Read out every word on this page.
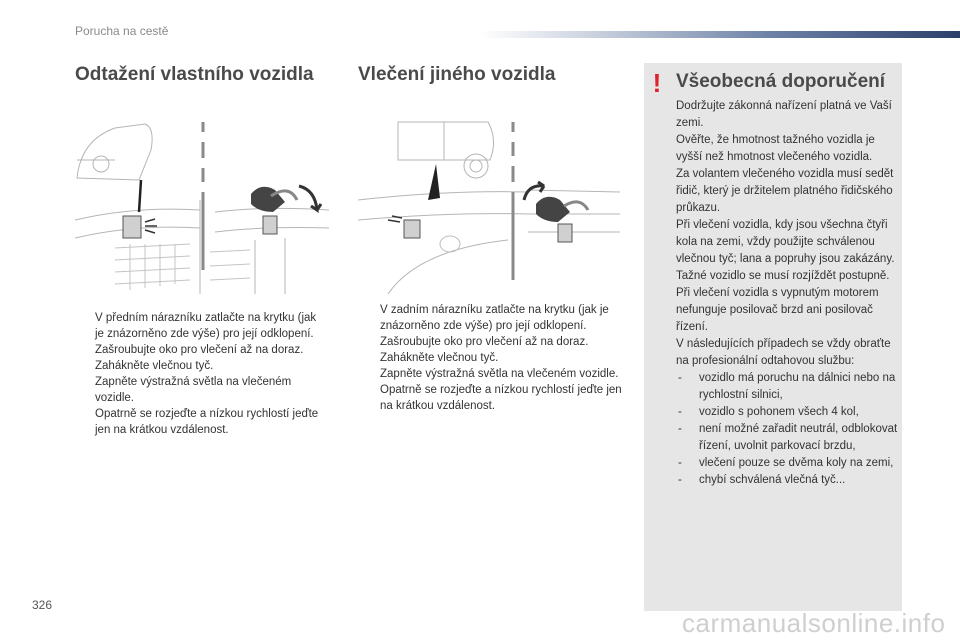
Porucha na cestě
Odtažení vlastního vozidla
V předním nárazníku zatlačte na krytku (jak je znázorněno zde výše) pro její odklopení.
Zašroubujte oko pro vlečení až na doraz.
Zahákněte vlečnou tyč.
Zapněte výstražná světla na vlečeném vozidle.
Opatrně se rozjeďte a nízkou rychlostí jeďte jen na krátkou vzdálenost.
Vlečení jiného vozidla
V zadním nárazníku zatlačte na krytku (jak je znázorněno zde výše) pro její odklopení.
Zašroubujte oko pro vlečení až na doraz.
Zahákněte vlečnou tyč.
Zapněte výstražná světla na vlečeném vozidle.
Opatrně se rozjeďte a nízkou rychlostí jeďte jen na krátkou vzdálenost.
! Všeobecná doporučení

Dodržujte zákonná nařízení platná ve Vaší zemi.

Ověřte, že hmotnost tažného vozidla je vyšší než hmotnost vlečeného vozidla.

Za volantem vlečeného vozidla musí sedět řidič, který je držitelem platného řidičského průkazu.

Při vlečení vozidla, kdy jsou všechna čtyři kola na zemi, vždy použijte schválenou vlečnou tyč; lana a popruhy jsou zakázány.

Tažné vozidlo se musí rozjíždět postupně.

Při vlečení vozidla s vypnutým motorem nefunguje posilovač brzd ani posilovač řízení.

V následujících případech se vždy obraťte na profesionální odtahovou službu:

- vozidlo má poruchu na dálnici nebo na rychlostní silnici,
- vozidlo s pohonem všech 4 kol,
- není možné zařadit neutrál, odblokovat řízení, uvolnit parkovací brzdu,
- vlečení pouze se dvěma koly na zemi,
- chybí schválená vlečná tyč...
326
carmanualsonline.info
